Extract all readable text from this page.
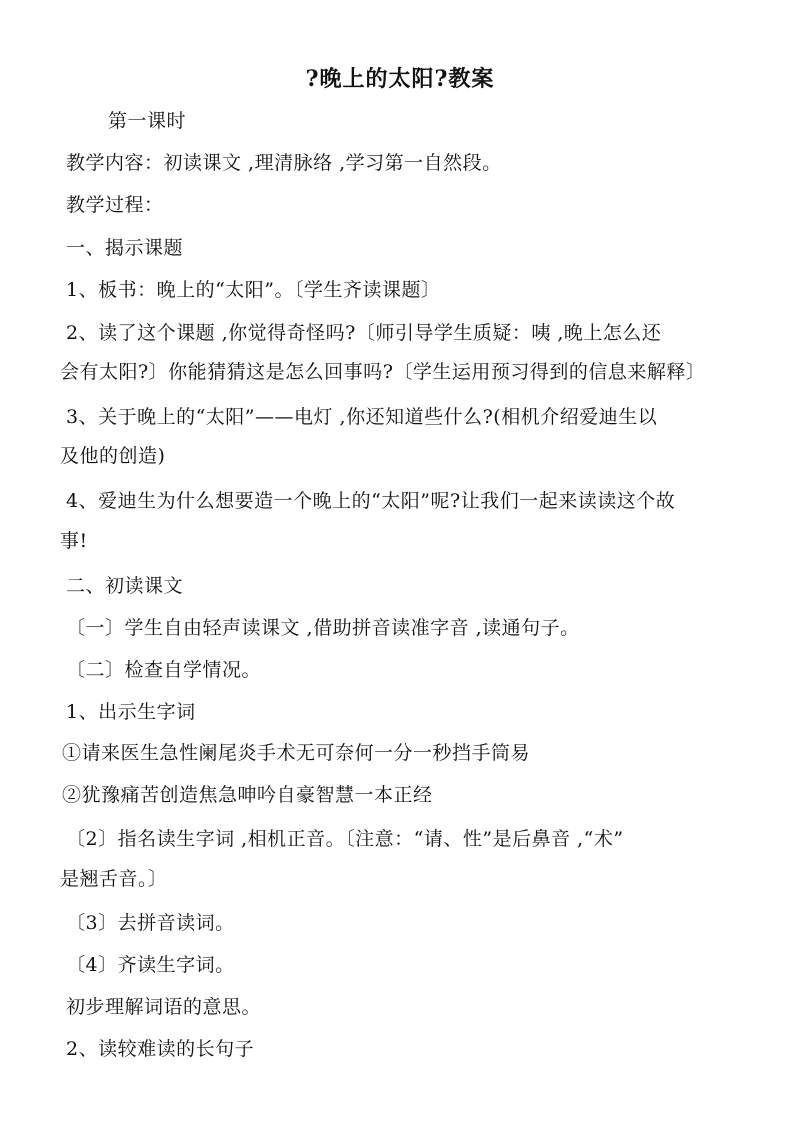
?晚上的太阳?教案
第一课时
教学内容：初读课文 ,理清脉络 ,学习第一自然段。
教学过程：
一、揭示课题
1、板书：晚上的“太阳”。〔学生齐读课题〕
2、读了这个课题 ,你觉得奇怪吗?〔师引导学生质疑：咦 ,晚上怎么还
会有太阳?〕你能猜猜这是怎么回事吗?〔学生运用预习得到的信息来解释〕
3、关于晚上的“太阳”——电灯 ,你还知道些什么?(相机介绍爱迪生以
及他的创造)
4、爱迪生为什么想要造一个晚上的“太阳”呢?让我们一起来读读这个故
事!
二、初读课文
〔一〕学生自由轻声读课文 ,借助拼音读准字音 ,读通句子。
〔二〕检查自学情况。
1、出示生字词
①请来医生急性阑尾炎手术无可奈何一分一秒挡手筒易
②犹豫痛苦创造焦急呻吟自豪智慧一本正经
〔2〕指名读生字词 ,相机正音。〔注意：“请、性”是后鼻音 ,“术”
是翘舌音。〕
〔3〕去拼音读词。
〔4〕齐读生字词。
初步理解词语的意思。
2、读较难读的长句子
